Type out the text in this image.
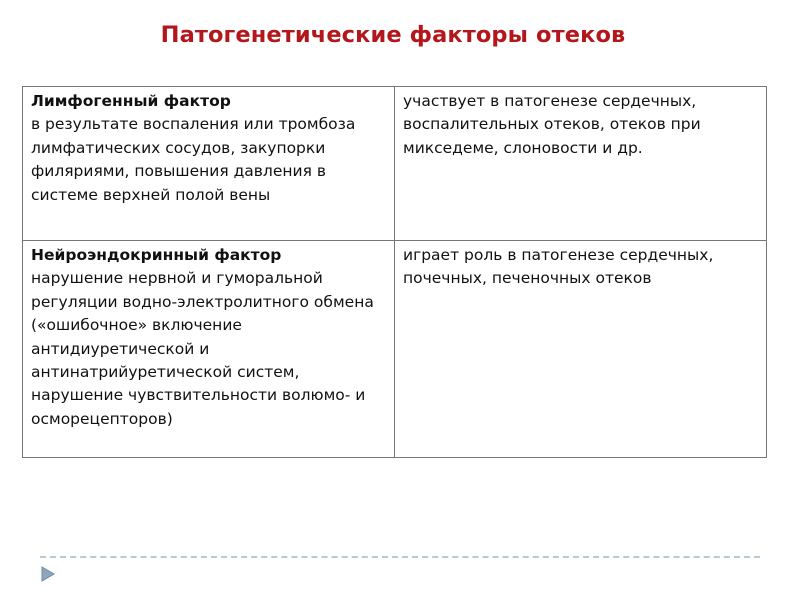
Патогенетические факторы отеков
Лимфогенный фактор
в результате воспаления или тромбоза лимфатических сосудов, закупорки филяриями, повышения давления в системе верхней полой вены	участвует в патогенезе сердечных, воспалительных отеков, отеков при микседеме, слоновости и др.

Нейроэндокринный фактор
нарушение нервной и гуморальной регуляции водно-электролитного обмена («ошибочное» включение антидиуретической и антинатрийуретической систем, нарушение чувствительности волюмо- и осморецепторов)	играет роль в патогенезе сердечных, почечных, печеночных отеков
